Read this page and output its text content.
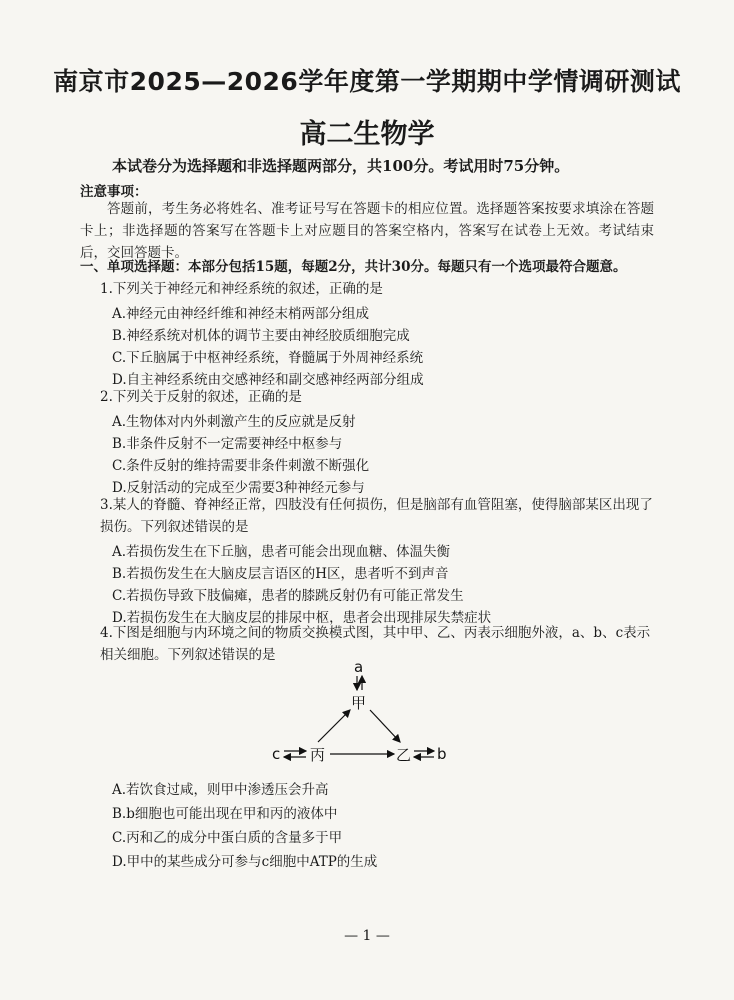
南京市2025—2026学年度第一学期期中学情调研测试
高二生物学
本试卷分为选择题和非选择题两部分，共100分。考试用时75分钟。
注意事项：
答题前，考生务必将姓名、准考证号写在答题卡的相应位置。选择题答案按要求填涂在答题卡上；非选择题的答案写在答题卡上对应题目的答案空格内，答案写在试卷上无效。考试结束后，交回答题卡。
一、单项选择题：本部分包括15题，每题2分，共计30分。每题只有一个选项最符合题意。
1.下列关于神经元和神经系统的叙述，正确的是
A.神经元由神经纤维和神经末梢两部分组成
B.神经系统对机体的调节主要由神经胶质细胞完成
C.下丘脑属于中枢神经系统，脊髓属于外周神经系统
D.自主神经系统由交感神经和副交感神经两部分组成
2.下列关于反射的叙述，正确的是
A.生物体对内外刺激产生的反应就是反射
B.非条件反射不一定需要神经中枢参与
C.条件反射的维持需要非条件刺激不断强化
D.反射活动的完成至少需要3种神经元参与
3.某人的脊髓、脊神经正常，四肢没有任何损伤，但是脑部有血管阻塞，使得脑部某区出现了损伤。下列叙述错误的是
A.若损伤发生在下丘脑，患者可能会出现血糖、体温失衡
B.若损伤发生在大脑皮层言语区的H区，患者听不到声音
C.若损伤导致下肢偏瘫，患者的膝跳反射仍有可能正常发生
D.若损伤发生在大脑皮层的排尿中枢，患者会出现排尿失禁症状
4.下图是细胞与内环境之间的物质交换模式图，其中甲、乙、丙表示细胞外液，a、b、c表示相关细胞。下列叙述错误的是
a
甲
c 丙	乙 b
A.若饮食过咸，则甲中渗透压会升高
B.b细胞也可能出现在甲和丙的液体中
C.丙和乙的成分中蛋白质的含量多于甲
D.甲中的某些成分可参与c细胞中ATP的生成
— 1 —
